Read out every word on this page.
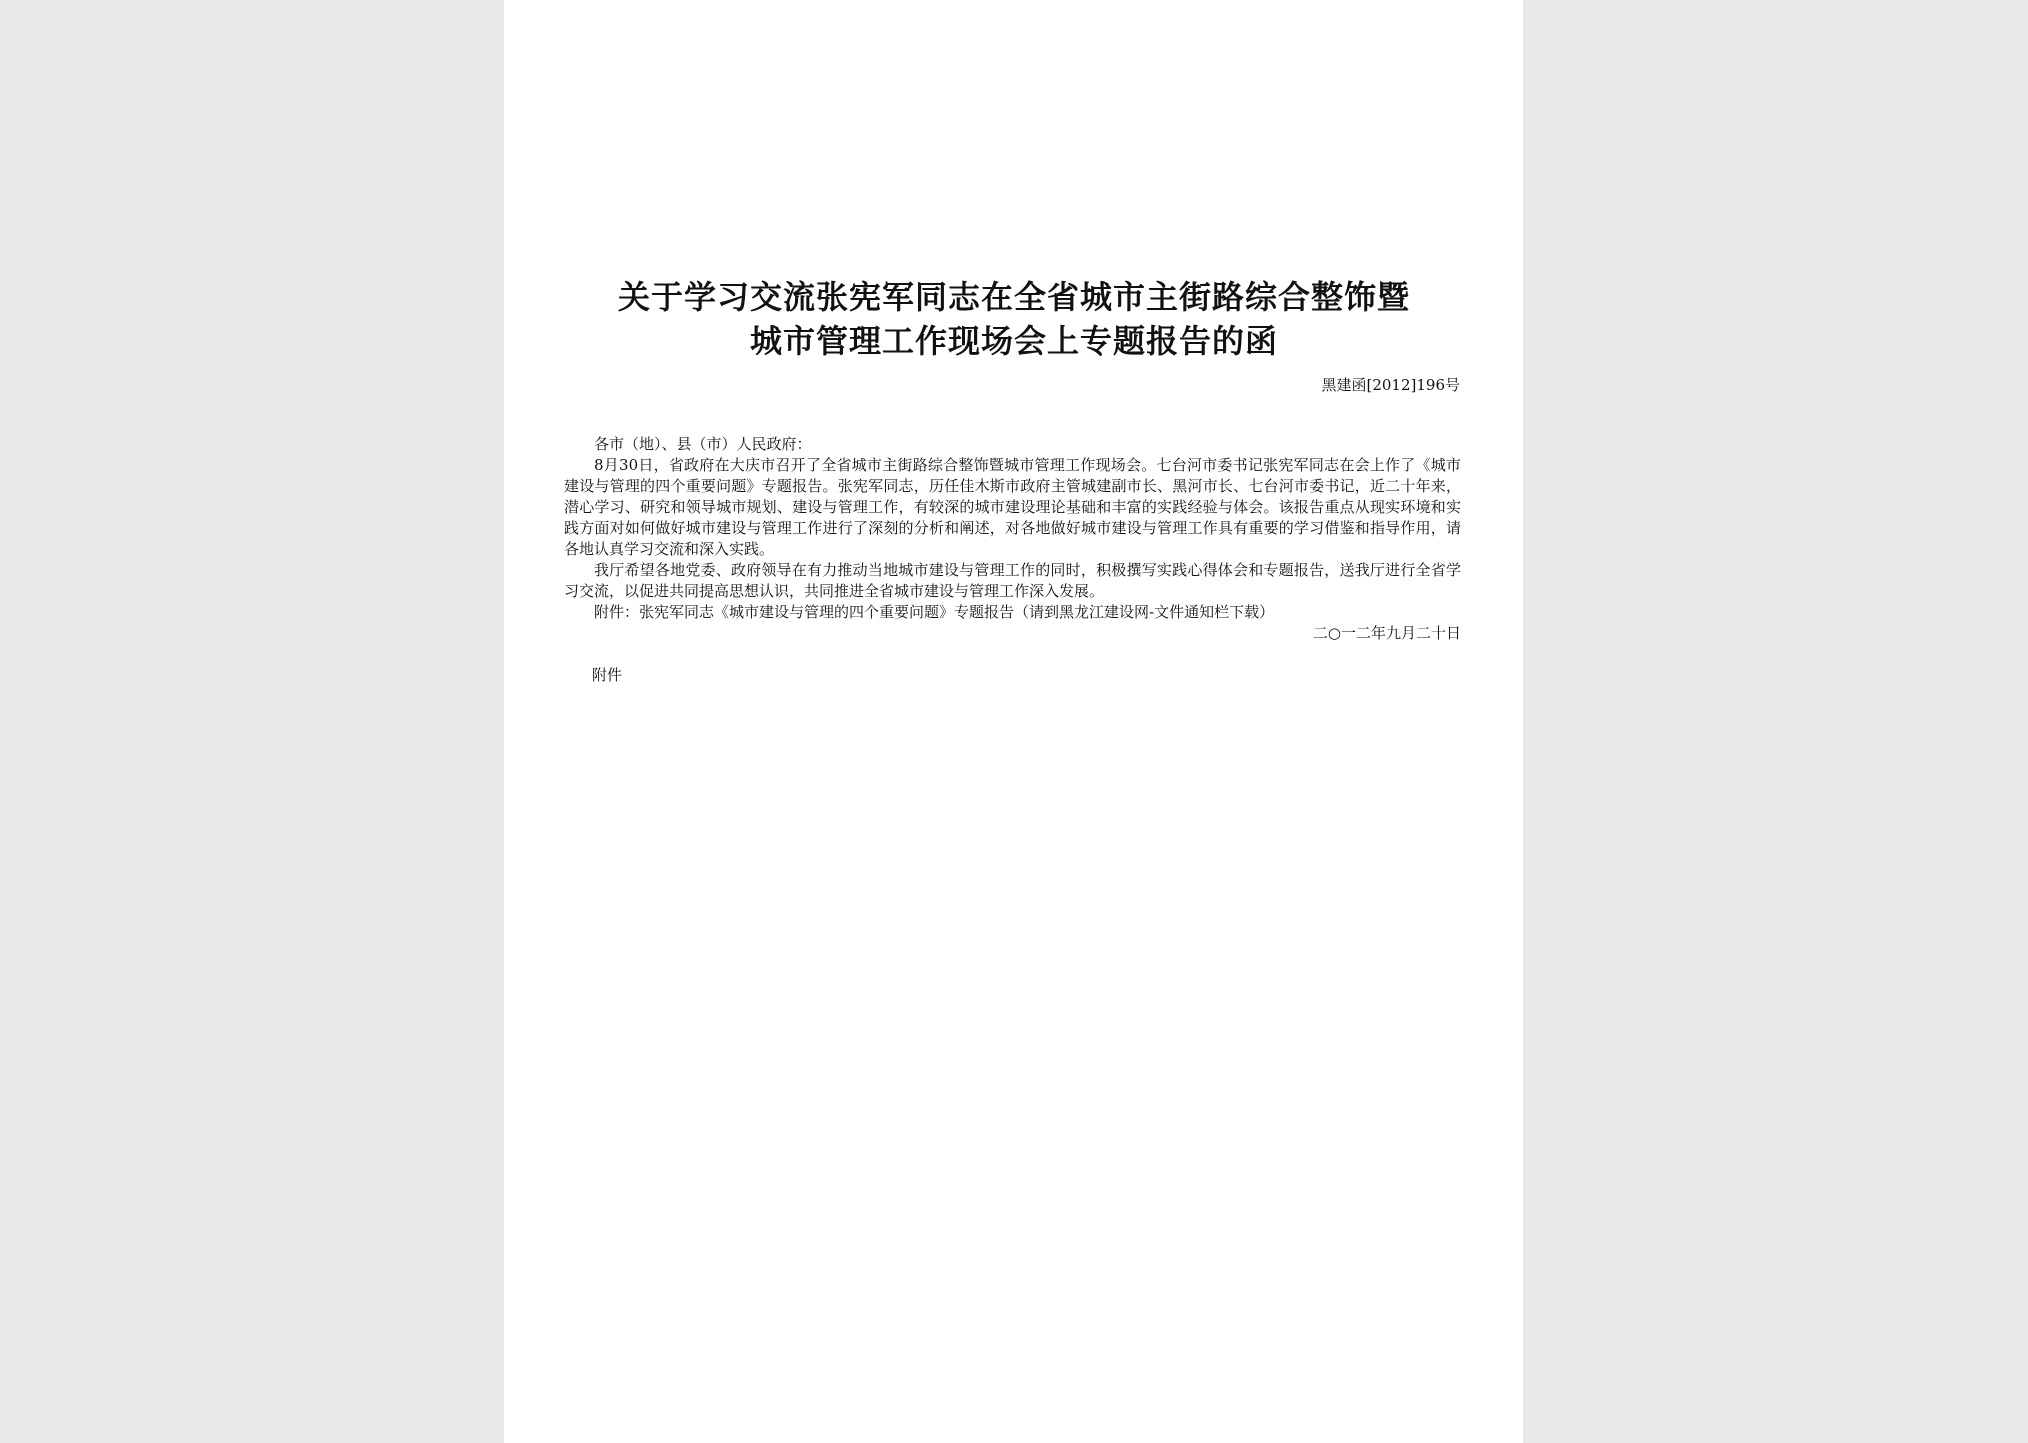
关于学习交流张宪军同志在全省城市主街路综合整饰暨
城市管理工作现场会上专题报告的函
黑建函[2012]196号

各市（地）、县（市）人民政府：

8月30日，省政府在大庆市召开了全省城市主街路综合整饰暨城市管理工作现场会。七台河市委书记张宪军同志在会上作了《城市建设与管理的四个重要问题》专题报告。张宪军同志，历任佳木斯市政府主管城建副市长、黑河市长、七台河市委书记，近二十年来，潜心学习、研究和领导城市规划、建设与管理工作，有较深的城市建设理论基础和丰富的实践经验与体会。该报告重点从现实环境和实践方面对如何做好城市建设与管理工作进行了深刻的分析和阐述，对各地做好城市建设与管理工作具有重要的学习借鉴和指导作用，请各地认真学习交流和深入实践。

我厅希望各地党委、政府领导在有力推动当地城市建设与管理工作的同时，积极撰写实践心得体会和专题报告，送我厅进行全省学习交流，以促进共同提高思想认识，共同推进全省城市建设与管理工作深入发展。

附件：张宪军同志《城市建设与管理的四个重要问题》专题报告（请到黑龙江建设网-文件通知栏下载）

二○一二年九月二十日

附件
